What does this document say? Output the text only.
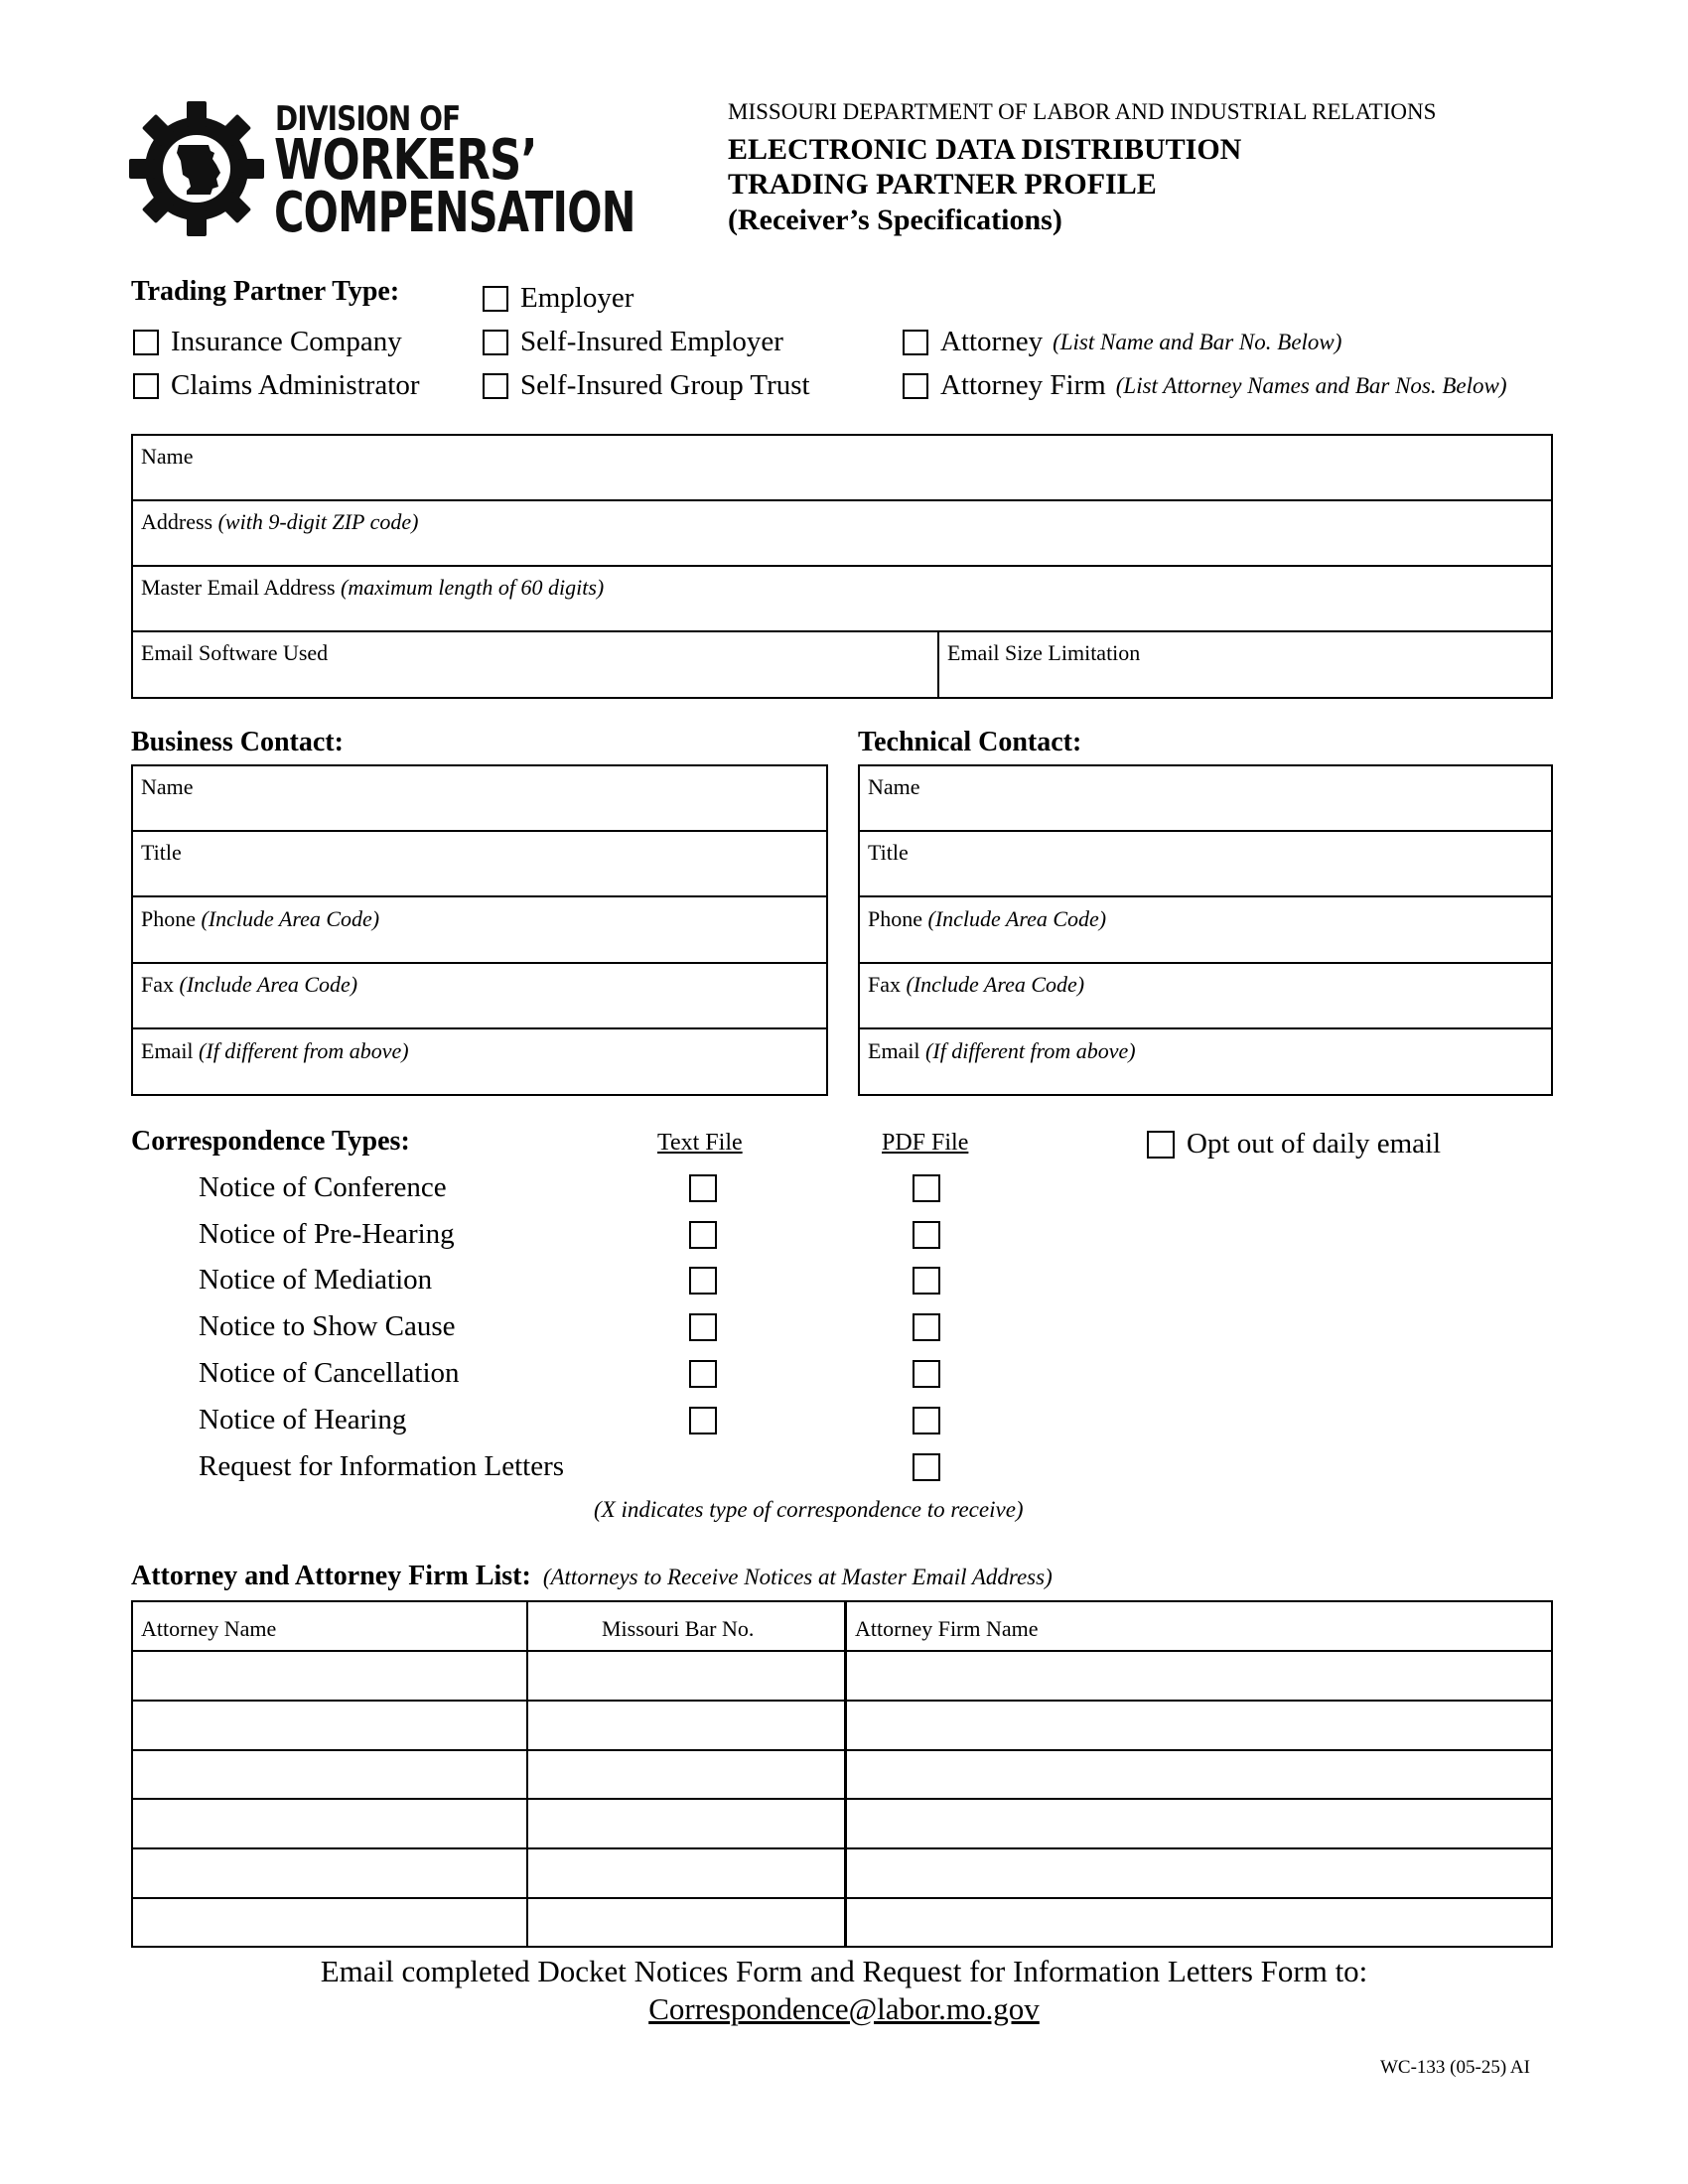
DIVISION OF
WORKERS’
COMPENSATION
MISSOURI DEPARTMENT OF LABOR AND INDUSTRIAL RELATIONS
ELECTRONIC DATA DISTRIBUTION
TRADING PARTNER PROFILE
(Receiver’s Specifications)
Trading Partner Type:	Employer
Insurance Company
Claims Administrator
Self-Insured Employer
Self-Insured Group Trust
Attorney (List Name and Bar No. Below)
Attorney Firm (List Attorney Names and Bar Nos. Below)
Name
Address (with 9-digit ZIP code)
Master Email Address (maximum length of 60 digits)
Email Software Used	Email Size Limitation
Business Contact:	Technical Contact:
Name
Title
Phone (Include Area Code)
Fax (Include Area Code)
Email (If different from above)
Name
Title
Phone (Include Area Code)
Fax (Include Area Code)
Email (If different from above)
Correspondence Types:	Text File	PDF File	Opt out of daily email
Notice of Conference
Notice of Pre-Hearing
Notice of Mediation
Notice to Show Cause
Notice of Cancellation
Notice of Hearing
Request for Information Letters
(X indicates type of correspondence to receive)
Attorney and Attorney Firm List: (Attorneys to Receive Notices at Master Email Address)
Attorney Name	Missouri Bar No.	Attorney Firm Name
Email completed Docket Notices Form and Request for Information Letters Form to:
Correspondence@labor.mo.gov
WC-133 (05-25) AI
